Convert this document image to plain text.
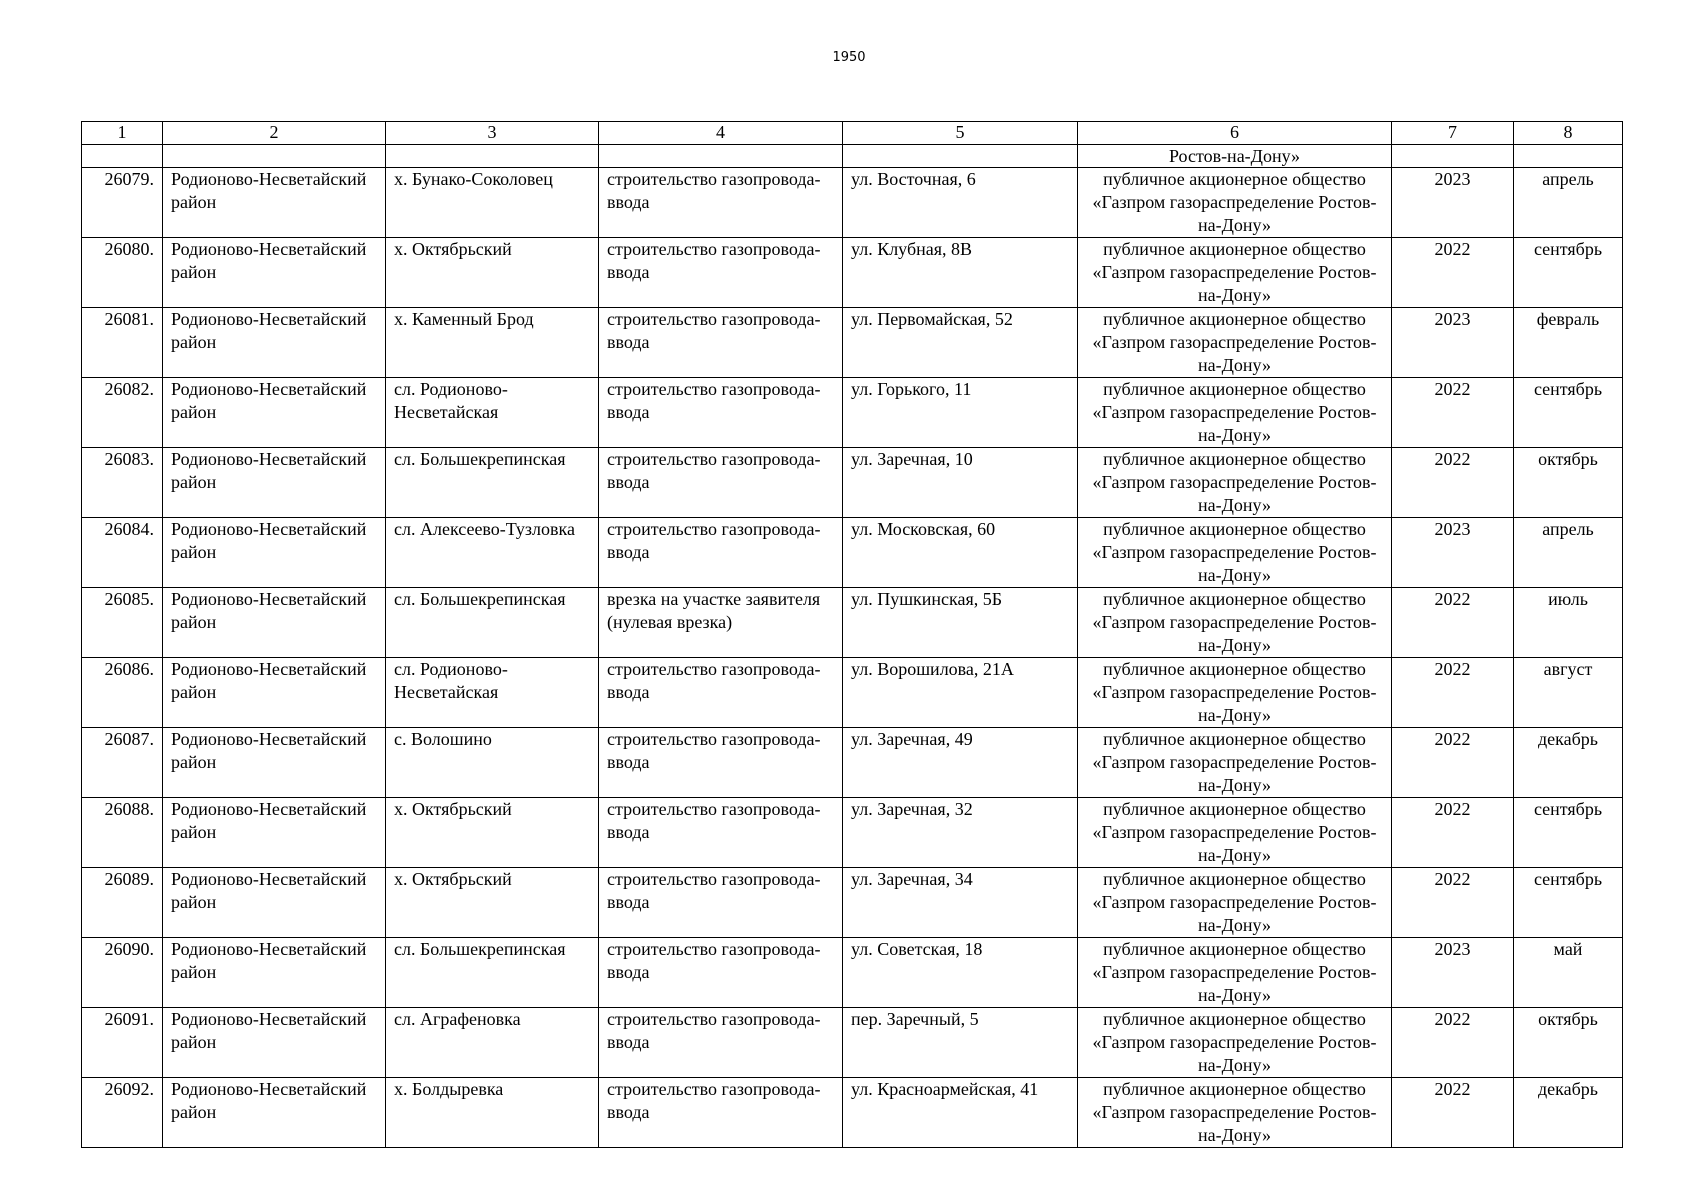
1950
1	2	3	4	5	6	7	8
					Ростов-на-Дону»		
26079.	Родионово-Несветайский район	х. Бунако-Соколовец	строительство газопровода-ввода	ул. Восточная, 6	публичное акционерное общество «Газпром газораспределение Ростов-на-Дону»	2023	апрель
26080.	Родионово-Несветайский район	х. Октябрьский	строительство газопровода-ввода	ул. Клубная, 8В	публичное акционерное общество «Газпром газораспределение Ростов-на-Дону»	2022	сентябрь
26081.	Родионово-Несветайский район	х. Каменный Брод	строительство газопровода-ввода	ул. Первомайская, 52	публичное акционерное общество «Газпром газораспределение Ростов-на-Дону»	2023	февраль
26082.	Родионово-Несветайский район	сл. Родионово-Несветайская	строительство газопровода-ввода	ул. Горького, 11	публичное акционерное общество «Газпром газораспределение Ростов-на-Дону»	2022	сентябрь
26083.	Родионово-Несветайский район	сл. Большекрепинская	строительство газопровода-ввода	ул. Заречная, 10	публичное акционерное общество «Газпром газораспределение Ростов-на-Дону»	2022	октябрь
26084.	Родионово-Несветайский район	сл. Алексеево-Тузловка	строительство газопровода-ввода	ул. Московская, 60	публичное акционерное общество «Газпром газораспределение Ростов-на-Дону»	2023	апрель
26085.	Родионово-Несветайский район	сл. Большекрепинская	врезка на участке заявителя (нулевая врезка)	ул. Пушкинская, 5Б	публичное акционерное общество «Газпром газораспределение Ростов-на-Дону»	2022	июль
26086.	Родионово-Несветайский район	сл. Родионово-Несветайская	строительство газопровода-ввода	ул. Ворошилова, 21А	публичное акционерное общество «Газпром газораспределение Ростов-на-Дону»	2022	август
26087.	Родионово-Несветайский район	с. Волошино	строительство газопровода-ввода	ул. Заречная, 49	публичное акционерное общество «Газпром газораспределение Ростов-на-Дону»	2022	декабрь
26088.	Родионово-Несветайский район	х. Октябрьский	строительство газопровода-ввода	ул. Заречная, 32	публичное акционерное общество «Газпром газораспределение Ростов-на-Дону»	2022	сентябрь
26089.	Родионово-Несветайский район	х. Октябрьский	строительство газопровода-ввода	ул. Заречная, 34	публичное акционерное общество «Газпром газораспределение Ростов-на-Дону»	2022	сентябрь
26090.	Родионово-Несветайский район	сл. Большекрепинская	строительство газопровода-ввода	ул. Советская, 18	публичное акционерное общество «Газпром газораспределение Ростов-на-Дону»	2023	май
26091.	Родионово-Несветайский район	сл. Аграфеновка	строительство газопровода-ввода	пер. Заречный, 5	публичное акционерное общество «Газпром газораспределение Ростов-на-Дону»	2022	октябрь
26092.	Родионово-Несветайский район	х. Болдыревка	строительство газопровода-ввода	ул. Красноармейская, 41	публичное акционерное общество «Газпром газораспределение Ростов-на-Дону»	2022	декабрь
